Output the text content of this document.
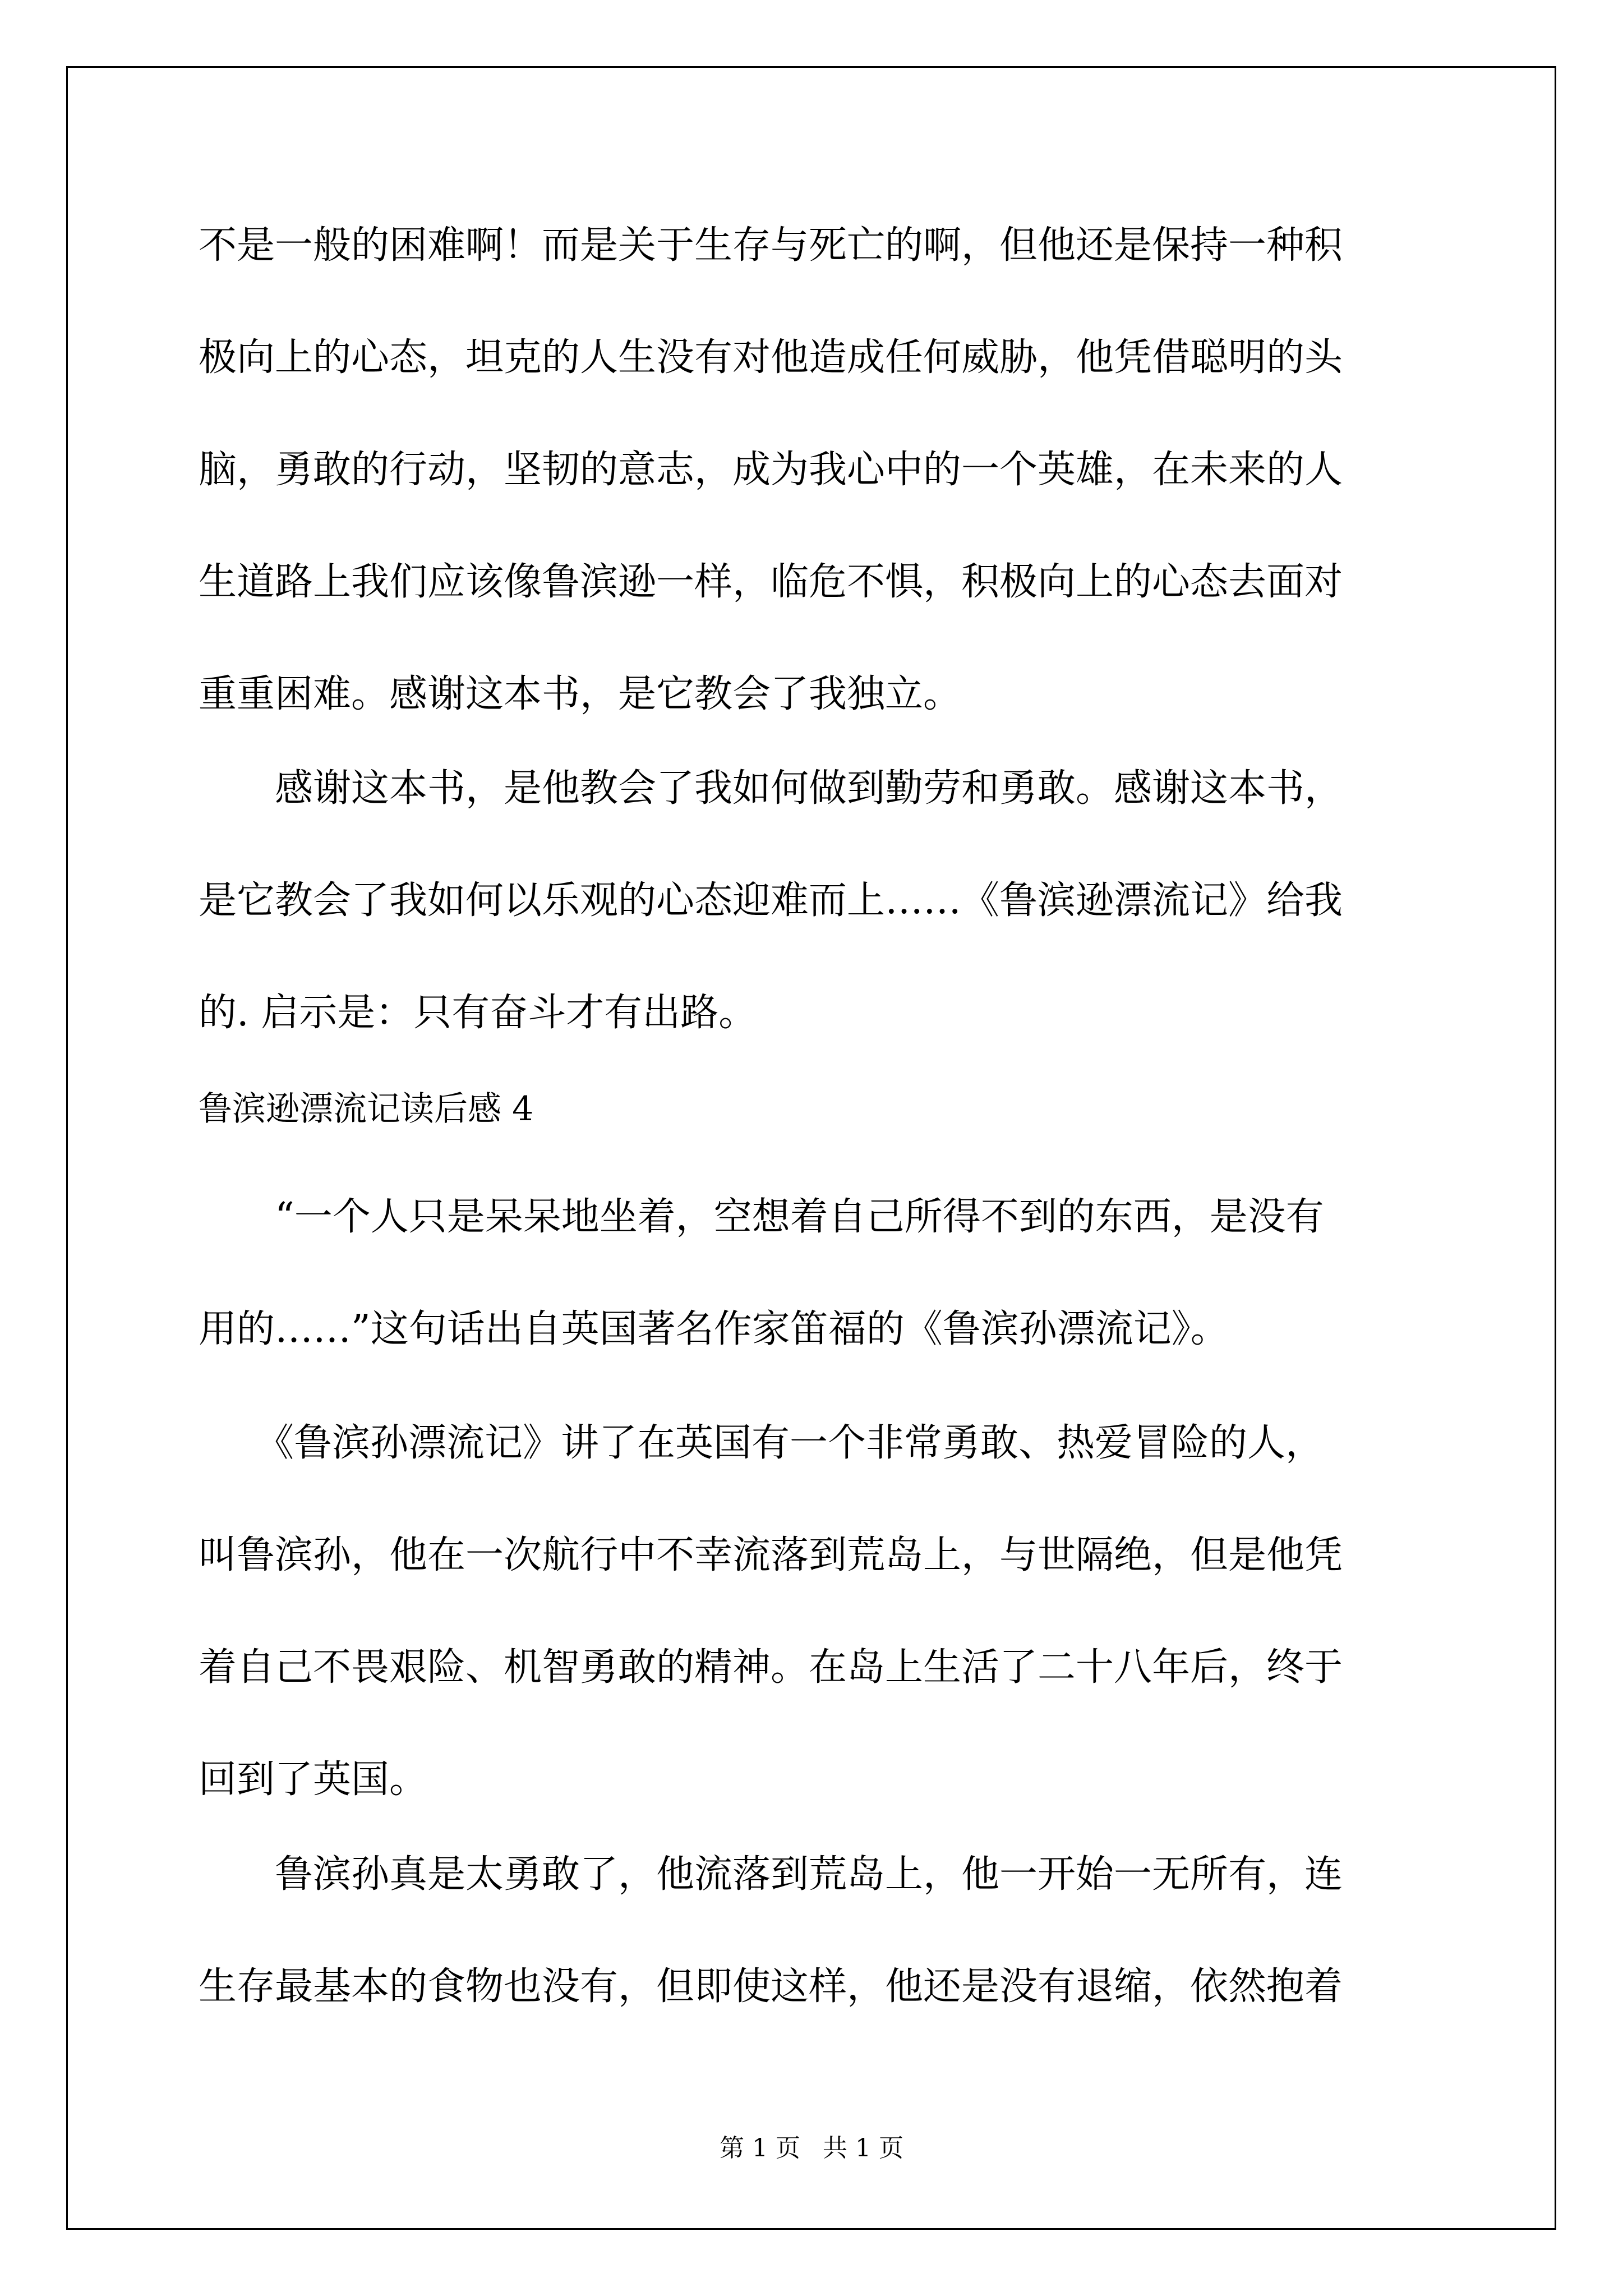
不是一般的困难啊！而是关于生存与死亡的啊，但他还是保持一种积
极向上的心态，坦克的人生没有对他造成任何威胁，他凭借聪明的头
脑，勇敢的行动，坚韧的意志，成为我心中的一个英雄，在未来的人
生道路上我们应该像鲁滨逊一样，临危不惧，积极向上的心态去面对
重重困难。感谢这本书，是它教会了我独立。
　　感谢这本书，是他教会了我如何做到勤劳和勇敢。感谢这本书，
是它教会了我如何以乐观的心态迎难而上……《鲁滨逊漂流记》给我
的. 启示是：只有奋斗才有出路。
鲁滨逊漂流记读后感 4
　　“一个人只是呆呆地坐着，空想着自己所得不到的东西，是没有
用的……”这句话出自英国著名作家笛福的《鲁滨孙漂流记》。
　　《鲁滨孙漂流记》讲了在英国有一个非常勇敢、热爱冒险的人，
叫鲁滨孙，他在一次航行中不幸流落到荒岛上，与世隔绝，但是他凭
着自己不畏艰险、机智勇敢的精神。在岛上生活了二十八年后，终于
回到了英国。
　　鲁滨孙真是太勇敢了，他流落到荒岛上，他一开始一无所有，连
生存最基本的食物也没有，但即使这样，他还是没有退缩，依然抱着
第 1 页 共 1 页
